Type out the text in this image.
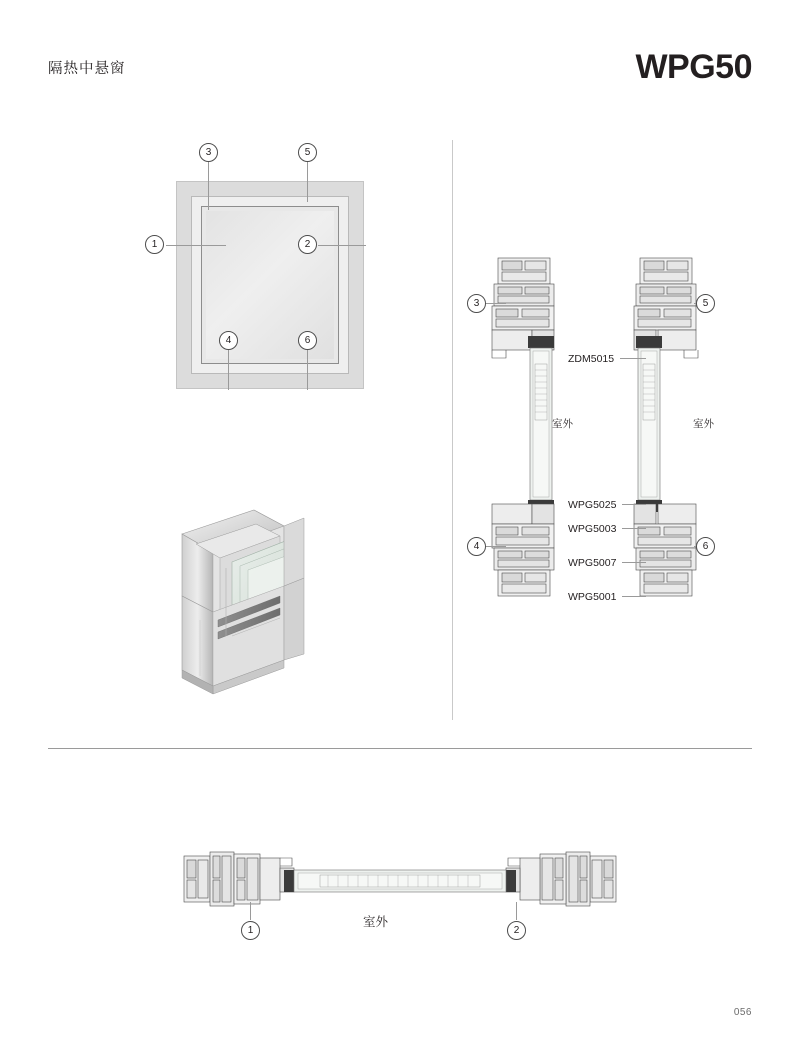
隔热中悬窗	WPG50
1	2
3
4
5
6
3	5
4	6
ZDM5015
WPG5025
WPG5003
WPG5007
WPG5001
室外	室外
室外
1	2
056
